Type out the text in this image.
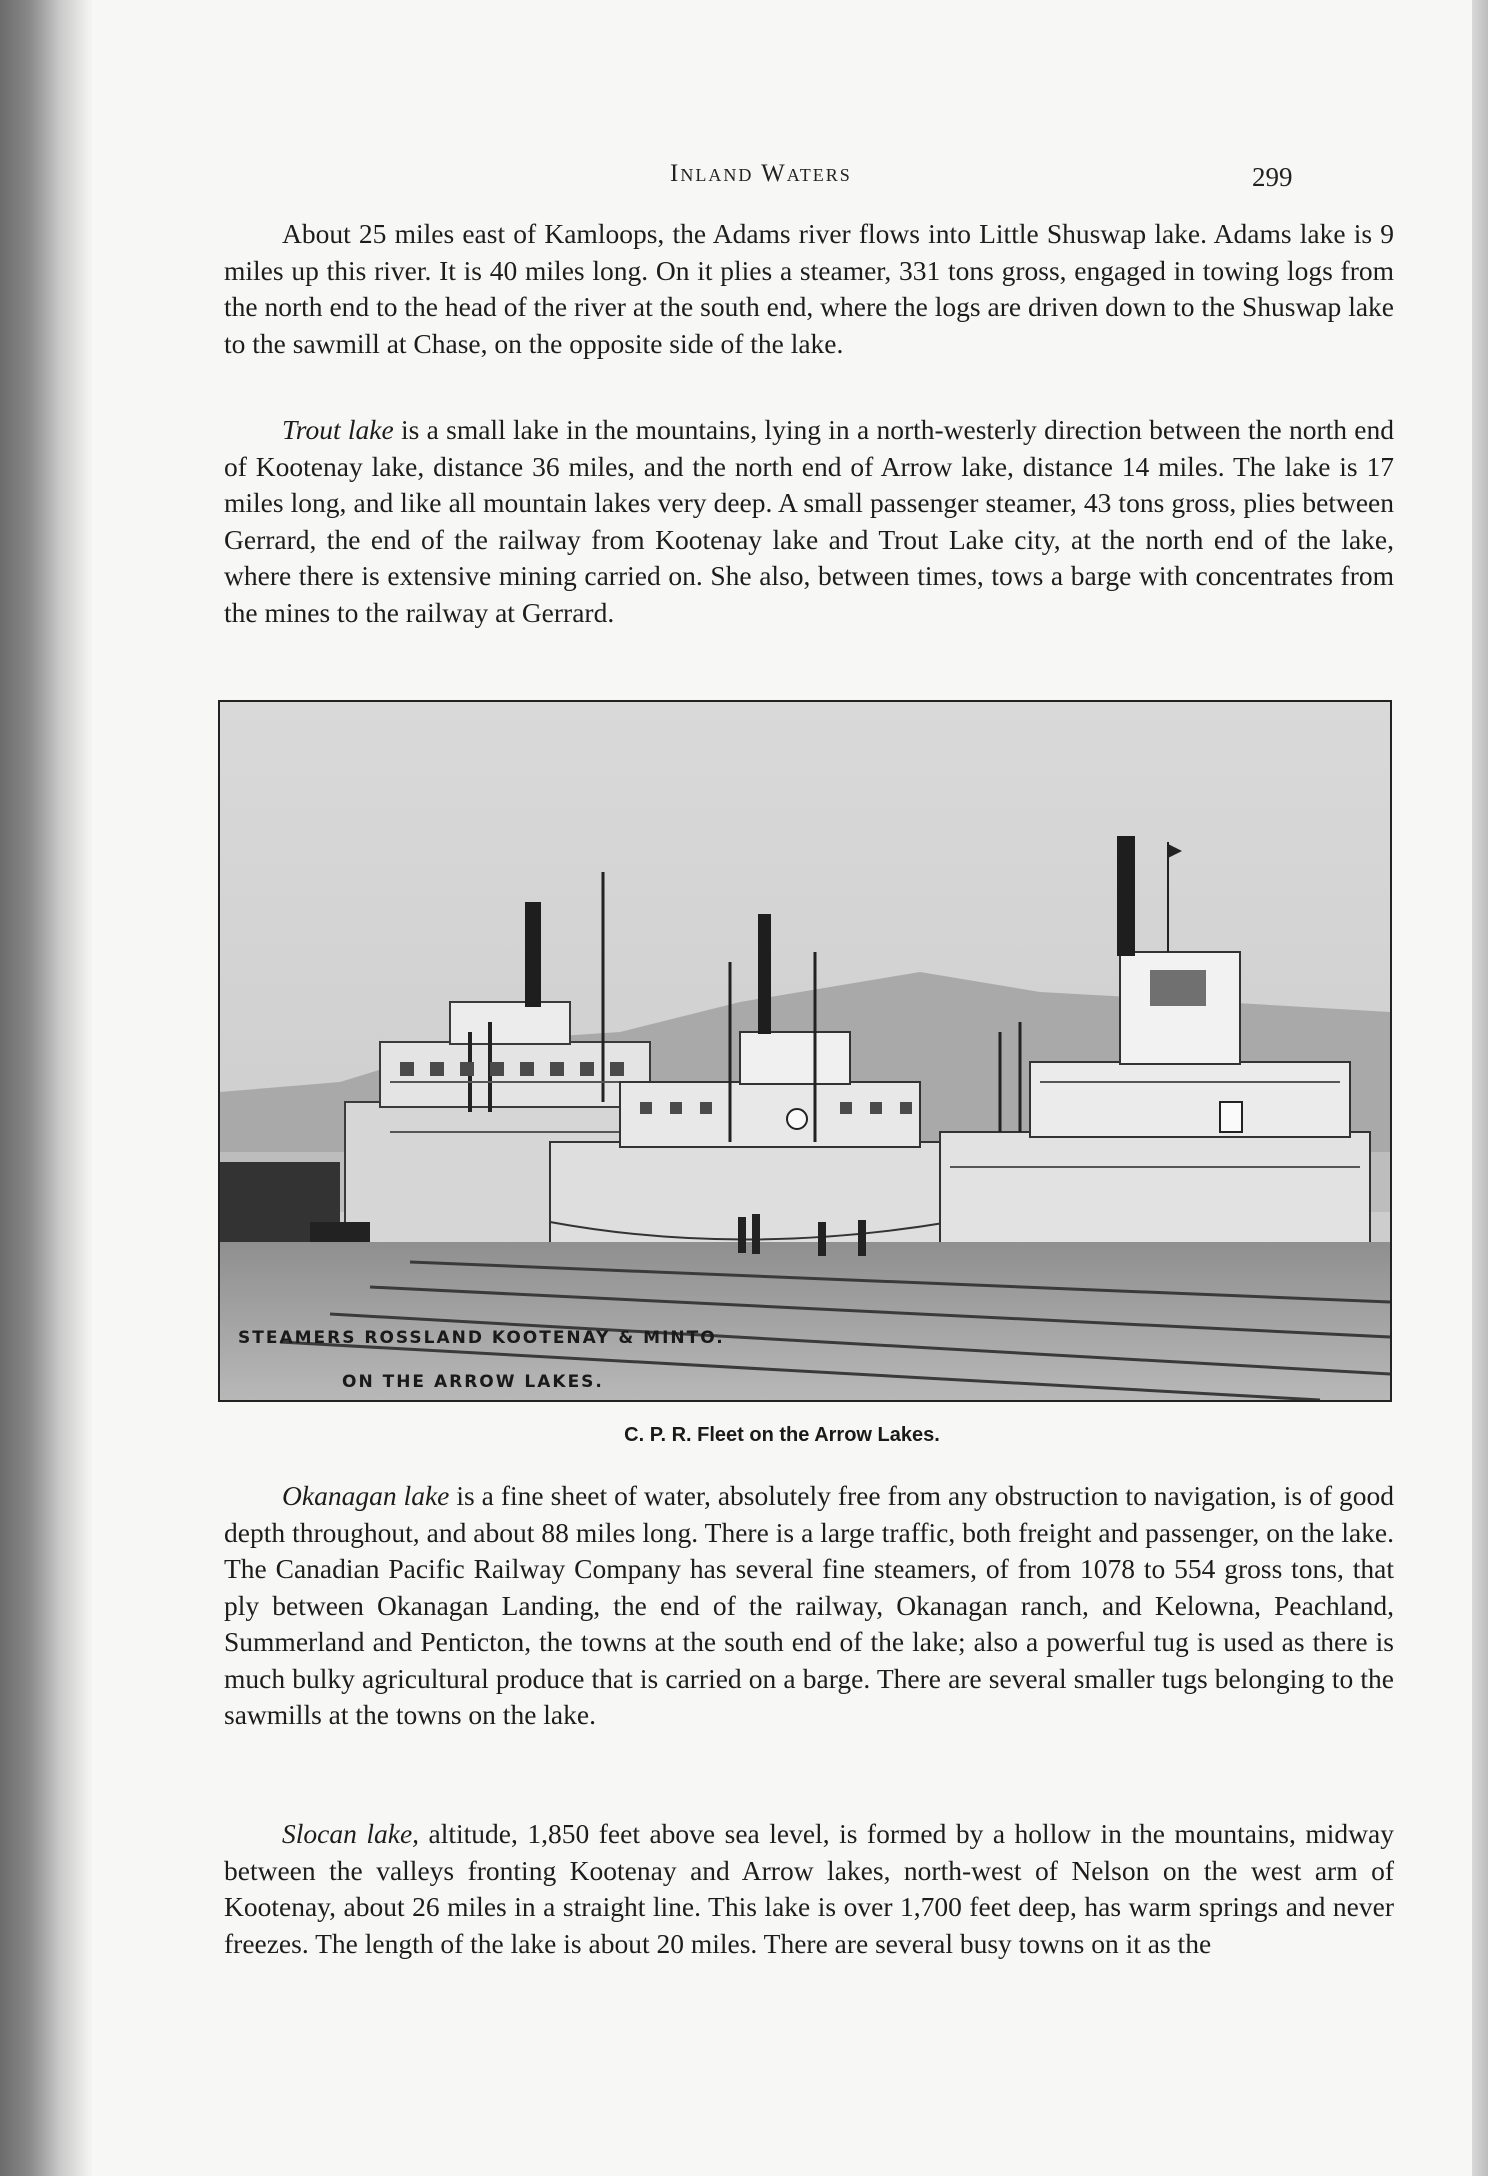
Inland Waters	299

About 25 miles east of Kamloops, the Adams river flows into Little Shuswap lake. Adams lake is 9 miles up this river. It is 40 miles long. On it plies a steamer, 331 tons gross, engaged in towing logs from the north end to the head of the river at the south end, where the logs are driven down to the Shuswap lake to the sawmill at Chase, on the opposite side of the lake.

Trout lake is a small lake in the mountains, lying in a north-westerly direction between the north end of Kootenay lake, distance 36 miles, and the north end of Arrow lake, distance 14 miles. The lake is 17 miles long, and like all mountain lakes very deep. A small passenger steamer, 43 tons gross, plies between Gerrard, the end of the railway from Kootenay lake and Trout Lake city, at the north end of the lake, where there is extensive mining carried on. She also, between times, tows a barge with concentrates from the mines to the railway at Gerrard.

STEAMERS ROSSLAND KOOTENAY & MINTO.
ON THE ARROW LAKES.
C. P. R. Fleet on the Arrow Lakes.

Okanagan lake is a fine sheet of water, absolutely free from any obstruction to navigation, is of good depth throughout, and about 88 miles long. There is a large traffic, both freight and passenger, on the lake. The Canadian Pacific Railway Company has several fine steamers, of from 1078 to 554 gross tons, that ply between Okanagan Landing, the end of the railway, Okanagan ranch, and Kelowna, Peachland, Summerland and Penticton, the towns at the south end of the lake; also a powerful tug is used as there is much bulky agricultural produce that is carried on a barge. There are several smaller tugs belonging to the sawmills at the towns on the lake.

Slocan lake, altitude, 1,850 feet above sea level, is formed by a hollow in the mountains, midway between the valleys fronting Kootenay and Arrow lakes, north-west of Nelson on the west arm of Kootenay, about 26 miles in a straight line. This lake is over 1,700 feet deep, has warm springs and never freezes. The length of the lake is about 20 miles. There are several busy towns on it as the
